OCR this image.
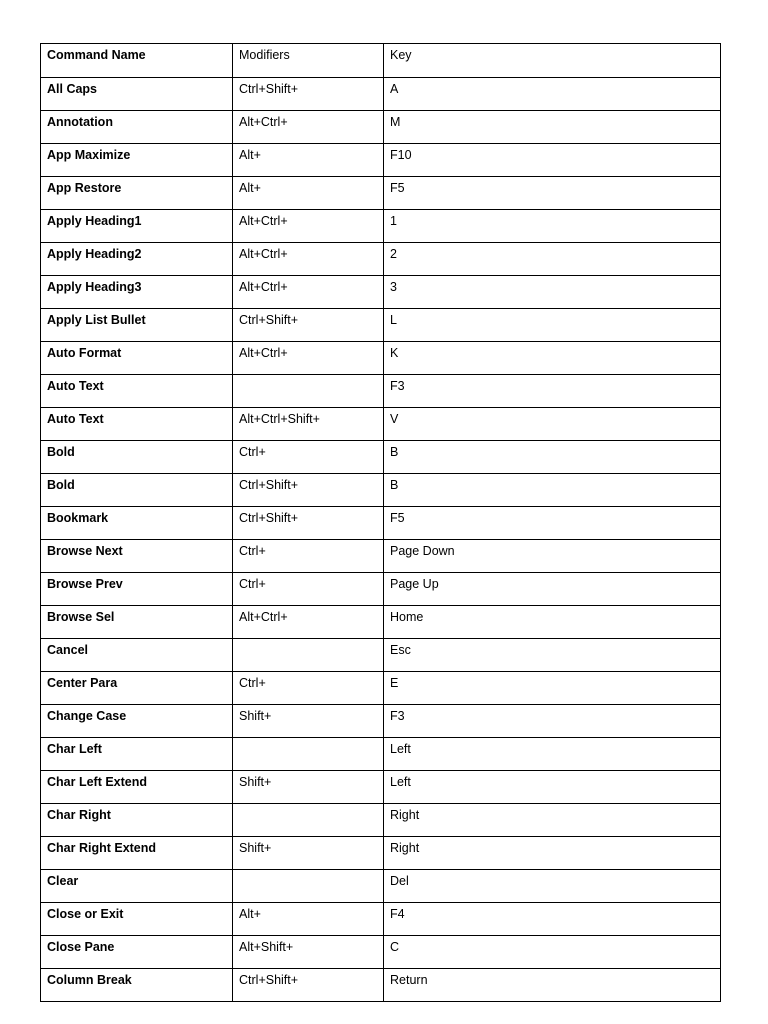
Command Name	Modifiers	Key
All Caps	Ctrl+Shift+	A
Annotation	Alt+Ctrl+	M
App Maximize	Alt+	F10
App Restore	Alt+	F5
Apply Heading1	Alt+Ctrl+	1
Apply Heading2	Alt+Ctrl+	2
Apply Heading3	Alt+Ctrl+	3
Apply List Bullet	Ctrl+Shift+	L
Auto Format	Alt+Ctrl+	K
Auto Text		F3
Auto Text	Alt+Ctrl+Shift+	V
Bold	Ctrl+	B
Bold	Ctrl+Shift+	B
Bookmark	Ctrl+Shift+	F5
Browse Next	Ctrl+	Page Down
Browse Prev	Ctrl+	Page Up
Browse Sel	Alt+Ctrl+	Home
Cancel		Esc
Center Para	Ctrl+	E
Change Case	Shift+	F3
Char Left		Left
Char Left Extend	Shift+	Left
Char Right		Right
Char Right Extend	Shift+	Right
Clear		Del
Close or Exit	Alt+	F4
Close Pane	Alt+Shift+	C
Column Break	Ctrl+Shift+	Return
